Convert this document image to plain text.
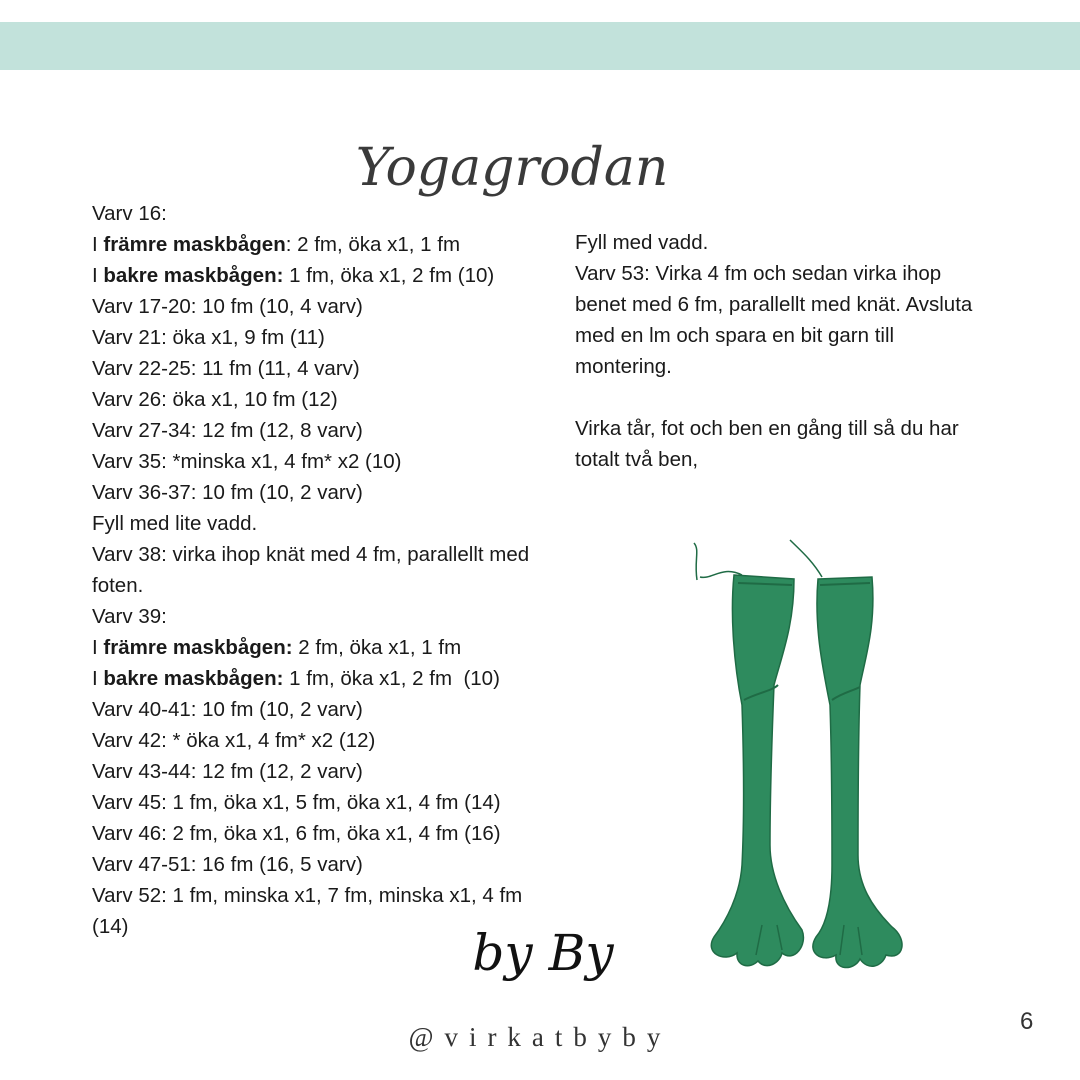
Yogagrodan
Varv 16:
I främre maskbågen: 2 fm, öka x1, 1 fm
I bakre maskbågen: 1 fm, öka x1, 2 fm (10)
Varv 17-20: 10 fm (10, 4 varv)
Varv 21: öka x1, 9 fm (11)
Varv 22-25: 11 fm (11, 4 varv)
Varv 26: öka x1, 10 fm (12)
Varv 27-34: 12 fm (12, 8 varv)
Varv 35: *minska x1, 4 fm* x2 (10)
Varv 36-37: 10 fm (10, 2 varv)
Fyll med lite vadd.
Varv 38: virka ihop knät med 4 fm, parallellt med foten.
Varv 39:
I främre maskbågen: 2 fm, öka x1, 1 fm
I bakre maskbågen: 1 fm, öka x1, 2 fm  (10)
Varv 40-41: 10 fm (10, 2 varv)
Varv 42: * öka x1, 4 fm* x2 (12)
Varv 43-44: 12 fm (12, 2 varv)
Varv 45: 1 fm, öka x1, 5 fm, öka x1, 4 fm (14)
Varv 46: 2 fm, öka x1, 6 fm, öka x1, 4 fm (16)
Varv 47-51: 16 fm (16, 5 varv)
Varv 52: 1 fm, minska x1, 7 fm, minska x1, 4 fm (14)
Fyll med vadd.
Varv 53: Virka 4 fm och sedan virka ihop benet med 6 fm, parallellt med knät. Avsluta med en lm och spara en bit garn till montering.
Virka tår, fot och ben en gång till så du har totalt två ben,
by By
@virkatbyby
6
